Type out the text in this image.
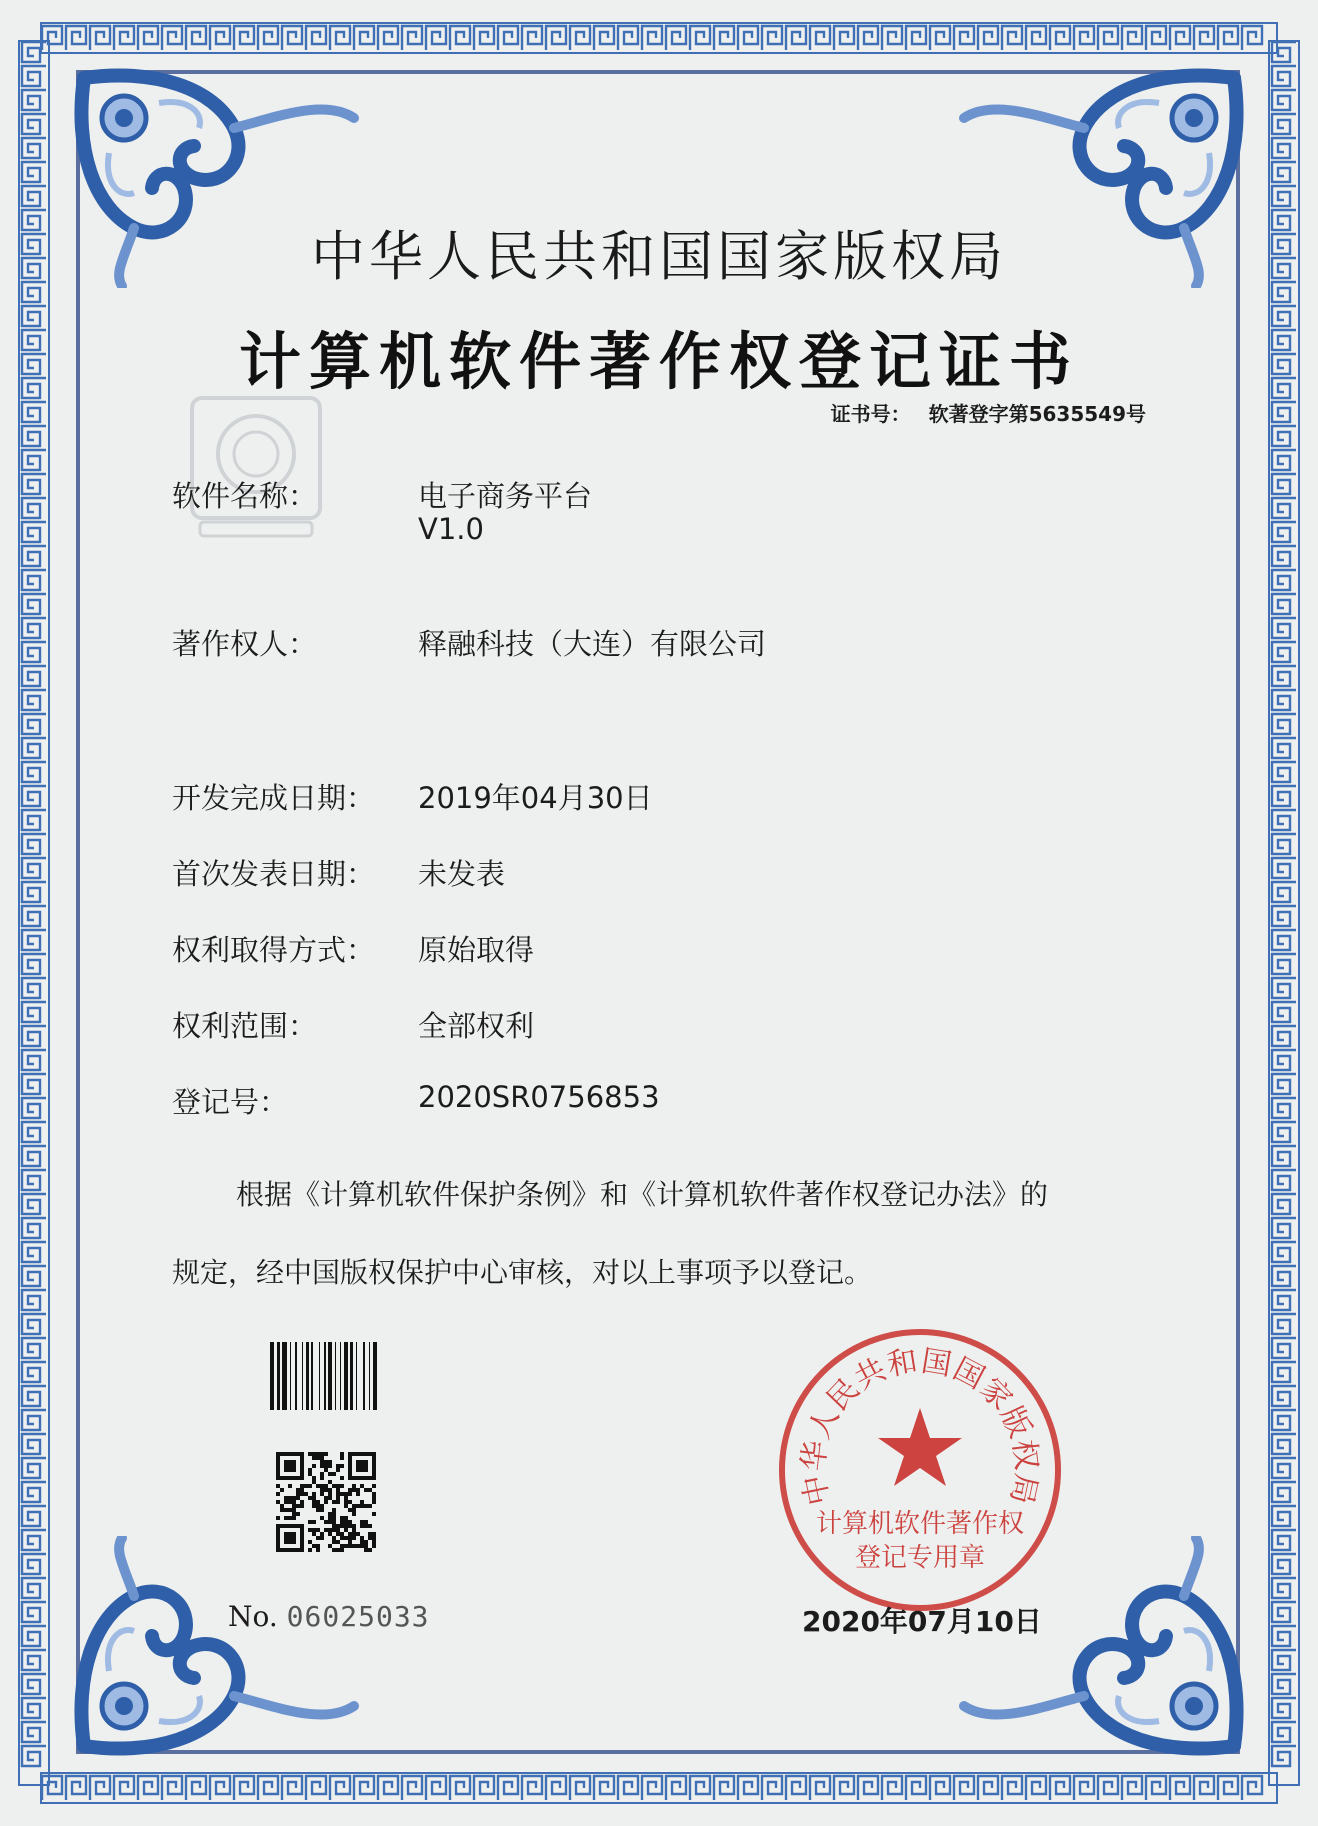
中华人民共和国国家版权局
计算机软件著作权登记证书
证书号： 软著登字第5635549号
软件名称：	电子商务平台
V1.0
著作权人：	释融科技（大连）有限公司
开发完成日期：	2019年04月30日
首次发表日期：	未发表
权利取得方式：	原始取得
权利范围：	全部权利
登记号：	2020SR0756853

根据《计算机软件保护条例》和《计算机软件著作权登记办法》的

规定，经中国版权保护中心审核，对以上事项予以登记。

No. 06025033
中华人民共和国国家版权局
计算机软件著作权
登记专用章
2020年07月10日
